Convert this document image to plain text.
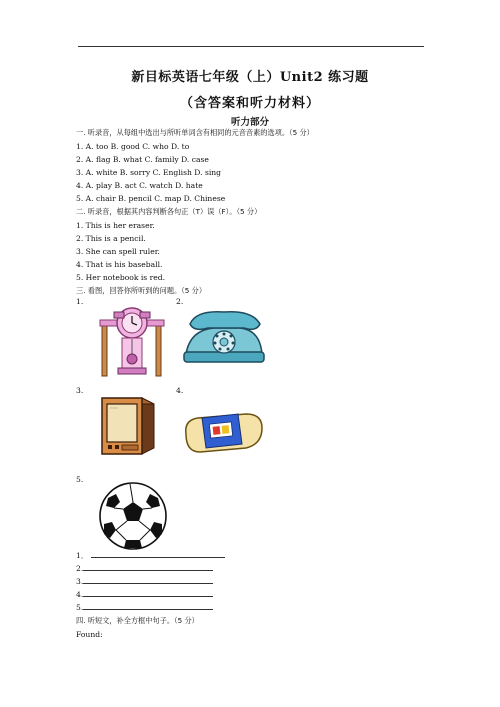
新目标英语七年级（上）Unit2 练习题
（含答案和听力材料）
听力部分
一. 听录音，从每组中选出与所听单词含有相同的元音音素的选项。（5 分）
1. A. too B. good C. who D. to
2. A. flag B. what C. family D. case
3. A. white B. sorry C. English D. sing
4. A. play B. act C. watch D. hate
5. A. chair B. pencil C. map D. Chinese
二. 听录音，根据其内容判断各句正（T）误（F）。（5 分）
1. This is her eraser.
2. This is a pencil.
3. She can spell ruler.
4. That is his baseball.
5. Her notebook is red.
三. 看图，回答你所听到的问题。（5 分）
1.	2.
3.	4.
5.
1．
2.
3.
4.
5.
四. 听短文，补全方框中句子。（5 分）
Found:
